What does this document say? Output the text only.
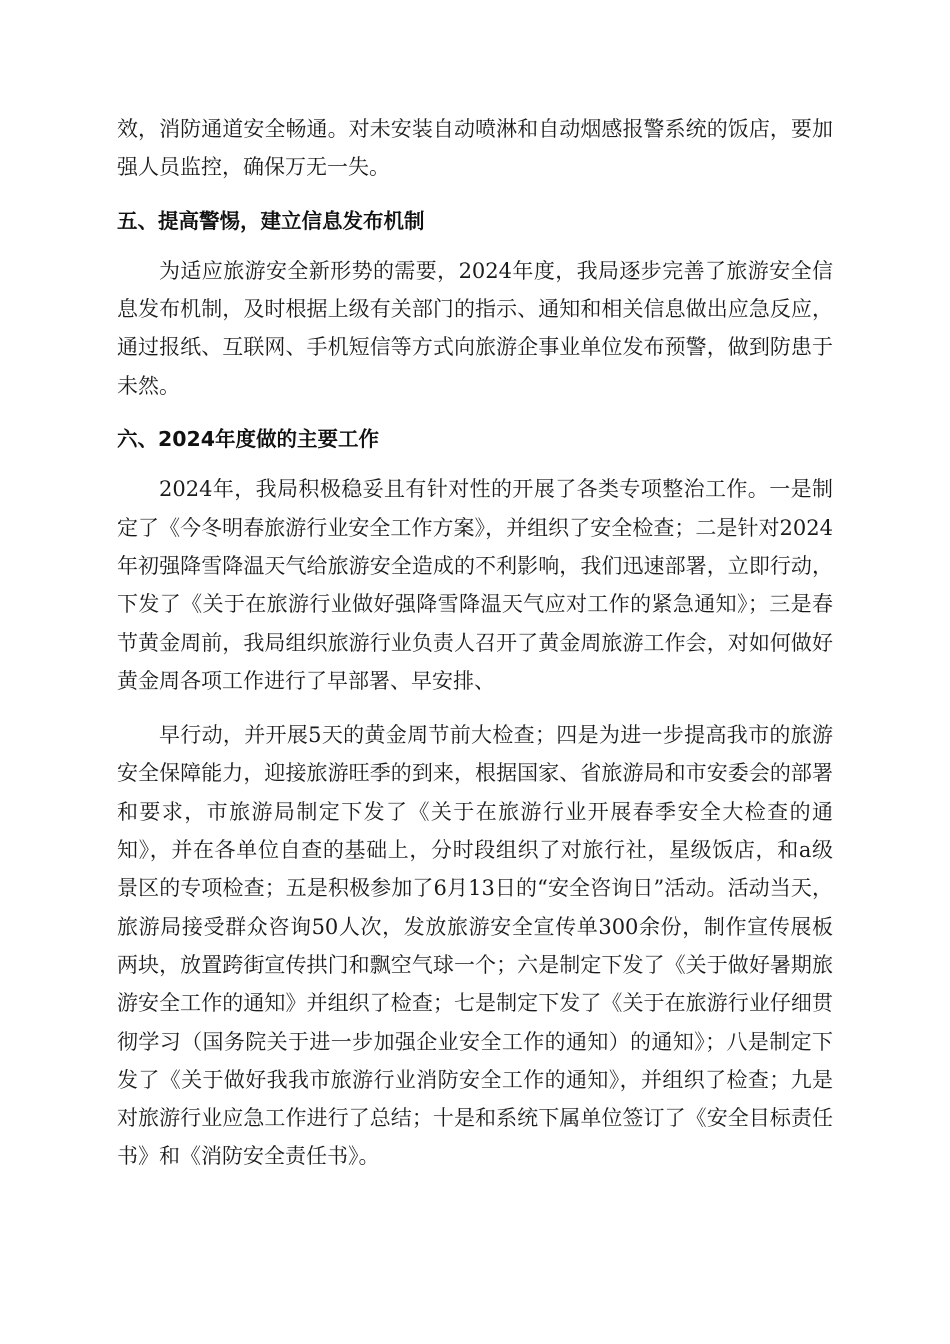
效，消防通道安全畅通。对未安装自动喷淋和自动烟感报警系统的饭店，要加强人员监控，确保万无一失。

五、提高警惕，建立信息发布机制

为适应旅游安全新形势的需要，2024年度，我局逐步完善了旅游安全信息发布机制，及时根据上级有关部门的指示、通知和相关信息做出应急反应，通过报纸、互联网、手机短信等方式向旅游企事业单位发布预警，做到防患于未然。

六、2024年度做的主要工作

2024年，我局积极稳妥且有针对性的开展了各类专项整治工作。一是制定了《今冬明春旅游行业安全工作方案》，并组织了安全检查；二是针对2024年初强降雪降温天气给旅游安全造成的不利影响，我们迅速部署，立即行动，下发了《关于在旅游行业做好强降雪降温天气应对工作的紧急通知》；三是春节黄金周前，我局组织旅游行业负责人召开了黄金周旅游工作会，对如何做好黄金周各项工作进行了早部署、早安排、

早行动，并开展5天的黄金周节前大检查；四是为进一步提高我市的旅游安全保障能力，迎接旅游旺季的到来，根据国家、省旅游局和市安委会的部署和要求，市旅游局制定下发了《关于在旅游行业开展春季安全大检查的通知》，并在各单位自查的基础上，分时段组织了对旅行社，星级饭店，和a级景区的专项检查；五是积极参加了6月13日的“安全咨询日”活动。活动当天，旅游局接受群众咨询50人次，发放旅游安全宣传单300余份，制作宣传展板两块，放置跨街宣传拱门和飘空气球一个；六是制定下发了《关于做好暑期旅游安全工作的通知》并组织了检查；七是制定下发了《关于在旅游行业仔细贯彻学习（国务院关于进一步加强企业安全工作的通知）的通知》；八是制定下发了《关于做好我我市旅游行业消防安全工作的通知》，并组织了检查；九是对旅游行业应急工作进行了总结；十是和系统下属单位签订了《安全目标责任书》和《消防安全责任书》。
